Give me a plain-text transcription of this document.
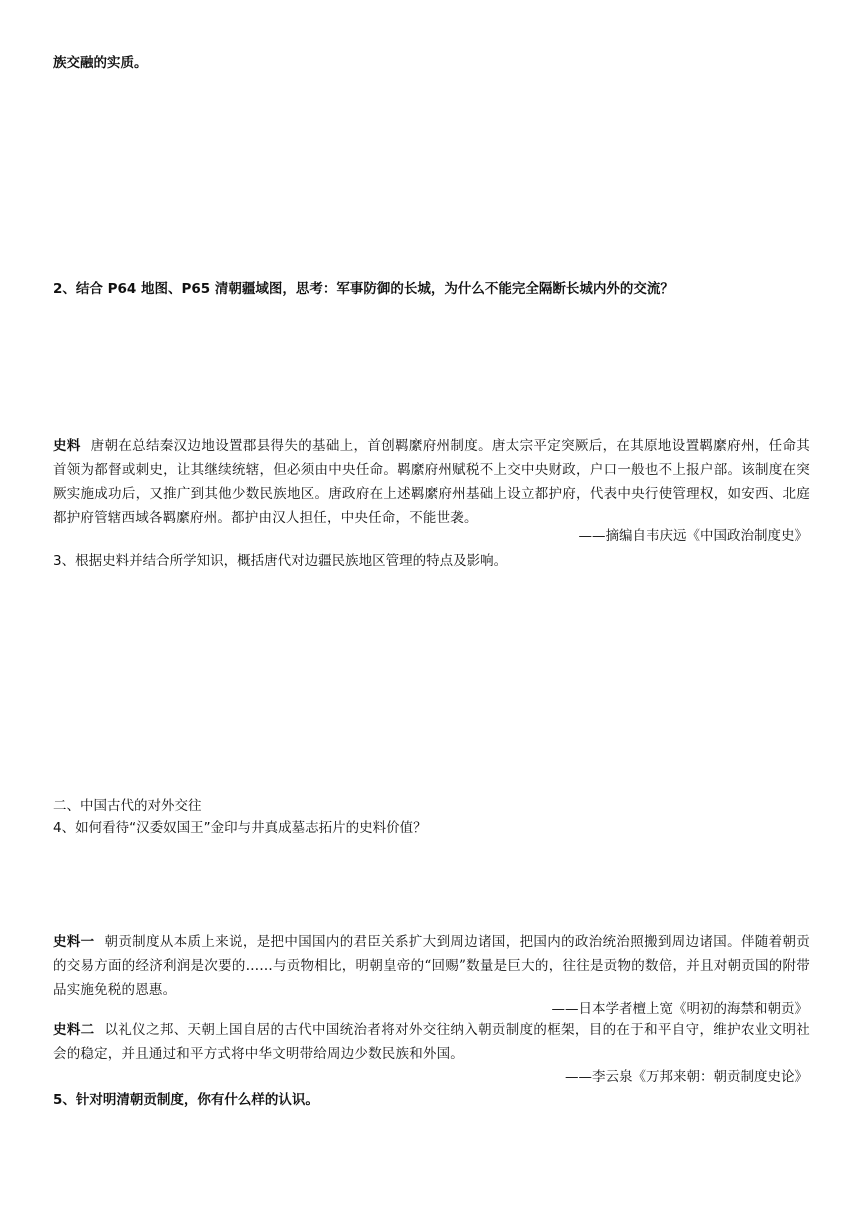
族交融的实质。
2、结合 P64 地图、P65 清朝疆域图，思考：军事防御的长城，为什么不能完全隔断长城内外的交流？
史料 唐朝在总结秦汉边地设置郡县得失的基础上，首创羁縻府州制度。唐太宗平定突厥后，在其原地设置羁縻府州，任命其首领为都督或刺史，让其继续统辖，但必须由中央任命。羁縻府州赋税不上交中央财政，户口一般也不上报户部。该制度在突厥实施成功后，又推广到其他少数民族地区。唐政府在上述羁縻府州基础上设立都护府，代表中央行使管理权，如安西、北庭都护府管辖西域各羁縻府州。都护由汉人担任，中央任命，不能世袭。
——摘编自韦庆远《中国政治制度史》
3、根据史料并结合所学知识，概括唐代对边疆民族地区管理的特点及影响。
二、中国古代的对外交往
4、如何看待“汉委奴国王”金印与井真成墓志拓片的史料价值？
史料一 朝贡制度从本质上来说，是把中国国内的君臣关系扩大到周边诸国，把国内的政治统治照搬到周边诸国。伴随着朝贡的交易方面的经济利润是次要的……与贡物相比，明朝皇帝的“回赐”数量是巨大的，往往是贡物的数倍，并且对朝贡国的附带品实施免税的恩惠。
——日本学者檀上宽《明初的海禁和朝贡》
史料二 以礼仪之邦、天朝上国自居的古代中国统治者将对外交往纳入朝贡制度的框架，目的在于和平自守，维护农业文明社会的稳定，并且通过和平方式将中华文明带给周边少数民族和外国。
——李云泉《万邦来朝：朝贡制度史论》
5、针对明清朝贡制度，你有什么样的认识。
